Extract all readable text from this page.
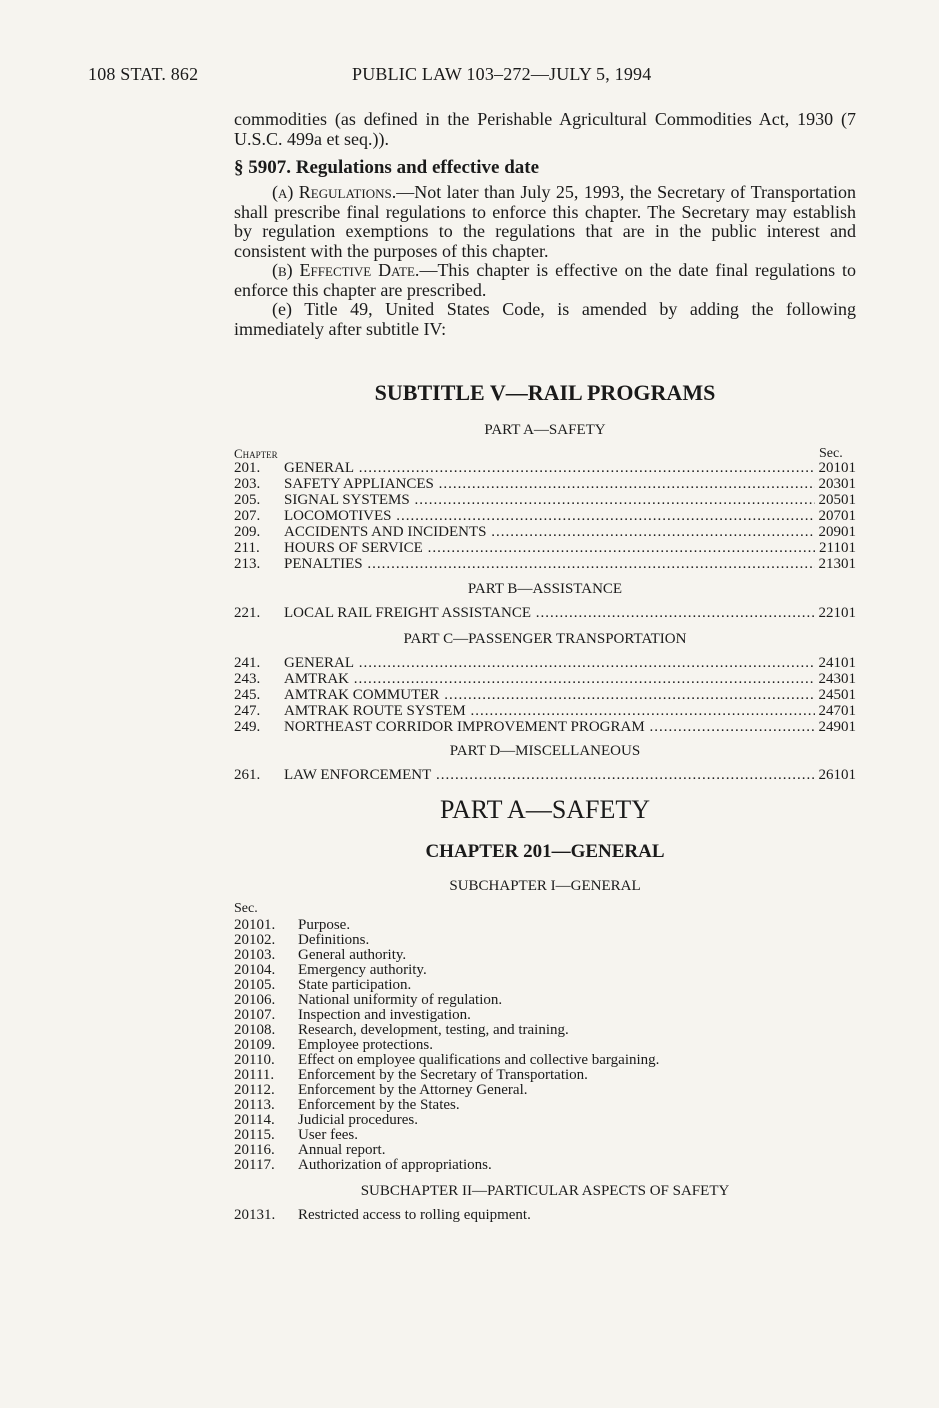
108 STAT. 862	PUBLIC LAW 103–272—JULY 5, 1994

commodities (as defined in the Perishable Agricultural Commodities Act, 1930 (7 U.S.C. 499a et seq.)).

§ 5907. Regulations and effective date

(a) Regulations.—Not later than July 25, 1993, the Secretary of Transportation shall prescribe final regulations to enforce this chapter. The Secretary may establish by regulation exemptions to the regulations that are in the public interest and consistent with the purposes of this chapter.

(b) Effective Date.—This chapter is effective on the date final regulations to enforce this chapter are prescribed.

(e) Title 49, United States Code, is amended by adding the following immediately after subtitle IV:

SUBTITLE V—RAIL PROGRAMS
PART A—SAFETY
Chapter	Sec.
201.	GENERAL .....	20101
203.	SAFETY APPLIANCES .....	20301
205.	SIGNAL SYSTEMS .....	20501
207.	LOCOMOTIVES .....	20701
209.	ACCIDENTS AND INCIDENTS .....	20901
211.	HOURS OF SERVICE .....	21101
213.	PENALTIES .....	21301
PART B—ASSISTANCE
221.	LOCAL RAIL FREIGHT ASSISTANCE .....	22101
PART C—PASSENGER TRANSPORTATION
241.	GENERAL .....	24101
243.	AMTRAK .....	24301
245.	AMTRAK COMMUTER .....	24501
247.	AMTRAK ROUTE SYSTEM .....	24701
249.	NORTHEAST CORRIDOR IMPROVEMENT PROGRAM .....	24901
PART D—MISCELLANEOUS
261.	LAW ENFORCEMENT .....	26101
PART A—SAFETY
CHAPTER 201—GENERAL
SUBCHAPTER I—GENERAL
Sec.
20101.	Purpose.
20102.	Definitions.
20103.	General authority.
20104.	Emergency authority.
20105.	State participation.
20106.	National uniformity of regulation.
20107.	Inspection and investigation.
20108.	Research, development, testing, and training.
20109.	Employee protections.
20110.	Effect on employee qualifications and collective bargaining.
20111.	Enforcement by the Secretary of Transportation.
20112.	Enforcement by the Attorney General.
20113.	Enforcement by the States.
20114.	Judicial procedures.
20115.	User fees.
20116.	Annual report.
20117.	Authorization of appropriations.
SUBCHAPTER II—PARTICULAR ASPECTS OF SAFETY
20131.	Restricted access to rolling equipment.
